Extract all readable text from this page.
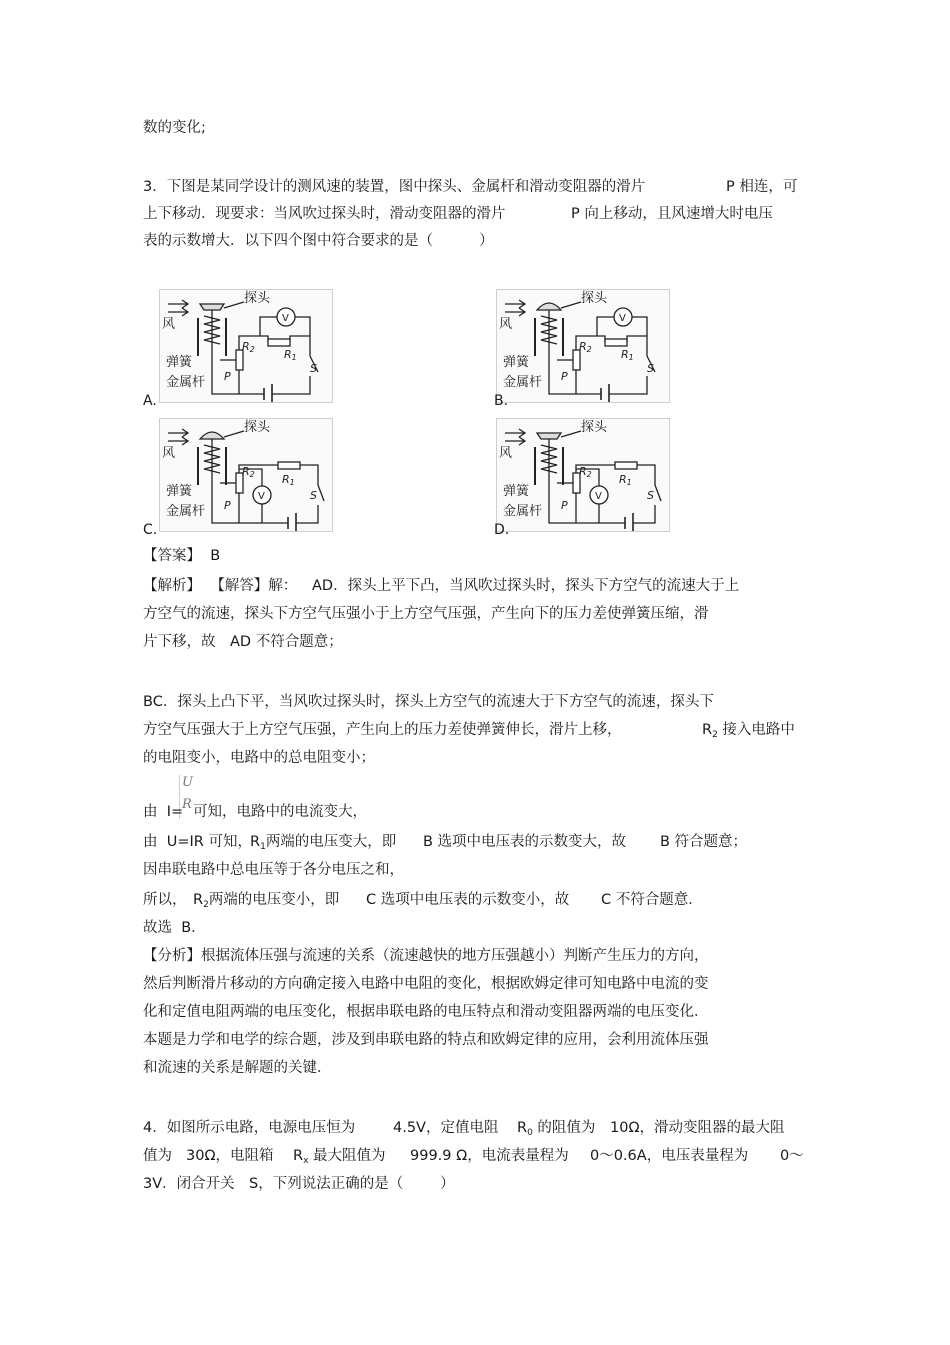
数的变化;
3．下图是某同学设计的测风速的装置，图中探头、金属杆和滑动变阻器的滑片	P 相连，可
上下移动．现要求：当风吹过探头时，滑动变阻器的滑片	P 向上移动，且风速增大时电压
表的示数增大．以下四个图中符合要求的是（          ）
探头
风
弹簧
金属杆
R2	R1
P
S
V
A.
探头
风
弹簧
金属杆
R2	R1
P
S
V
B.
探头
风
弹簧
金属杆
R2 R1
P
S
V
C.
探头
风
弹簧
金属杆
R2 R1
P
S
V
D.
【答案】 B
【解析】 【解答】解： AD．探头上平下凸，当风吹过探头时，探头下方空气的流速大于上
方空气的流速，探头下方空气压强小于上方空气压强，产生向下的压力差使弹簧压缩，滑
片下移，故 AD 不符合题意；
BC．探头上凸下平，当风吹过探头时，探头上方空气的流速大于下方空气的流速，探头下
方空气压强大于上方空气压强，产生向上的压力差使弹簧伸长，滑片上移，	$R_2$ 接入电路中
的电阻变小，电路中的总电阻变小；
U
R
由  I= 可知，电路中的电流变大，
由  U=IR 可知，
$R_1$两端的电压变大，即 B 选项中电压表的示数变大，故 B 符合题意；
因串联电路中总电压等于各分电压之和，
所以， $R_2$两端的电压变小，即 C 选项中电压表的示数变小，故 C 不符合题意．
故选  B．
【分析】根据流体压强与流速的关系（流速越快的地方压强越小）判断产生压力的方向，
然后判断滑片移动的方向确定接入电路中电阻的变化，根据欧姆定律可知电路中电流的变
化和定值电阻两端的电压变化，根据串联电路的电压特点和滑动变阻器两端的电压变化．
本题是力学和电学的综合题，涉及到串联电路的特点和欧姆定律的应用，会利用流体压强
和流速的关系是解题的关键．
4．如图所示电路，电源电压恒为	4.5V，定值电阻 $R_0$ 的阻值为 10Ω，滑动变阻器的最大阻
值为 30Ω，电阻箱 $R_x$ 最大阻值为 999.9 Ω，电流表量程为 0～0.6A，电压表量程为 0～
3V．闭合开关 S，下列说法正确的是（        ）
